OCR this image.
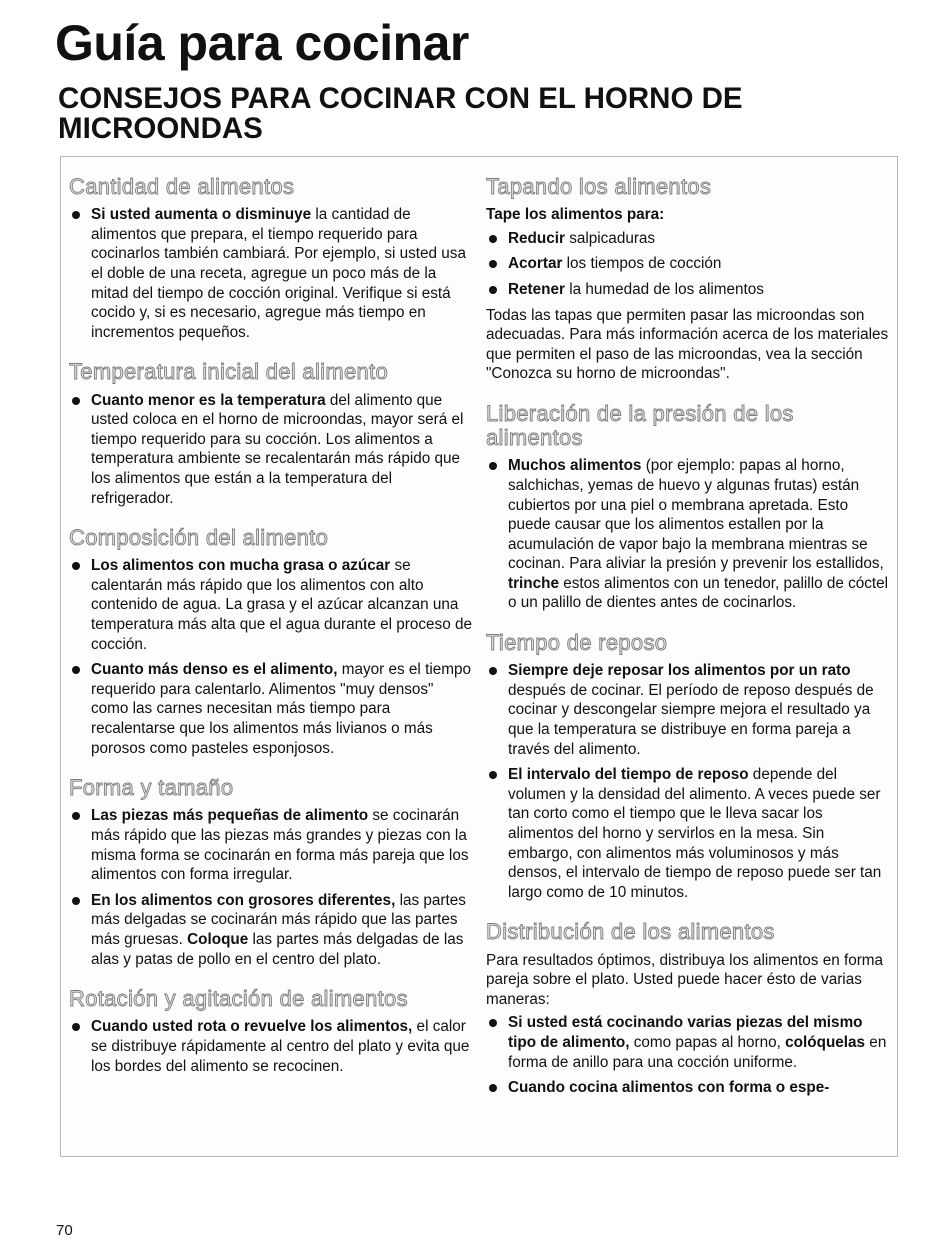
Guía para cocinar
CONSEJOS PARA COCINAR CON EL HORNO DE MICROONDAS
Cantidad de alimentos
Si usted aumenta o disminuye la cantidad de alimentos que prepara, el tiempo requerido para cocinarlos también cambiará. Por ejemplo, si usted usa el doble de una receta, agregue un poco más de la mitad del tiempo de cocción original. Verifique si está cocido y, si es necesario, agregue más tiempo en incrementos pequeños.
Temperatura inicial del alimento
Cuanto menor es la temperatura del alimento que usted coloca en el horno de microondas, mayor será el tiempo requerido para su cocción. Los alimentos a temperatura ambiente se recalentarán más rápido que los alimentos que están a la temperatura del refrigerador.
Composición del alimento
Los alimentos con mucha grasa o azúcar se calentarán más rápido que los alimentos con alto contenido de agua. La grasa y el azúcar alcanzan una temperatura más alta que el agua durante el proceso de cocción.
Cuanto más denso es el alimento, mayor es el tiempo requerido para calentarlo. Alimentos "muy densos" como las carnes necesitan más tiempo para recalentarse que los alimentos más livianos o más porosos como pasteles esponjosos.
Forma y tamaño
Las piezas más pequeñas de alimento se cocinarán más rápido que las piezas más grandes y piezas con la misma forma se cocinarán en forma más pareja que los alimentos con forma irregular.
En los alimentos con grosores diferentes, las partes más delgadas se cocinarán más rápido que las partes más gruesas. Coloque las partes más delgadas de las alas y patas de pollo en el centro del plato.
Rotación y agitación de alimentos
Cuando usted rota o revuelve los alimentos, el calor se distribuye rápidamente al centro del plato y evita que los bordes del alimento se recocinen.
Tapando los alimentos

Tape los alimentos para:

Reducir salpicaduras
Acortar los tiempos de cocción
Retener la humedad de los alimentos

Todas las tapas que permiten pasar las microondas son adecuadas. Para más información acerca de los materiales que permiten el paso de las microondas, vea la sección "Conozca su horno de microondas".

Liberación de la presión de los alimentos
Muchos alimentos (por ejemplo: papas al horno, salchichas, yemas de huevo y algunas frutas) están cubiertos por una piel o membrana apretada. Esto puede causar que los alimentos estallen por la acumulación de vapor bajo la membrana mientras se cocinan. Para aliviar la presión y prevenir los estallidos, trinche estos alimentos con un tenedor, palillo de cóctel o un palillo de dientes antes de cocinarlos.
Tiempo de reposo
Siempre deje reposar los alimentos por un rato después de cocinar. El período de reposo después de cocinar y descongelar siempre mejora el resultado ya que la temperatura se distribuye en forma pareja a través del alimento.
El intervalo del tiempo de reposo depende del volumen y la densidad del alimento. A veces puede ser tan corto como el tiempo que le lleva sacar los alimentos del horno y servirlos en la mesa. Sin embargo, con alimentos más voluminosos y más densos, el intervalo de tiempo de reposo puede ser tan largo como de 10 minutos.
Distribución de los alimentos

Para resultados óptimos, distribuya los alimentos en forma pareja sobre el plato. Usted puede hacer ésto de varias maneras:

Si usted está cocinando varias piezas del mismo tipo de alimento, como papas al horno, colóquelas en forma de anillo para una cocción uniforme.
Cuando cocina alimentos con forma o espe-
70
